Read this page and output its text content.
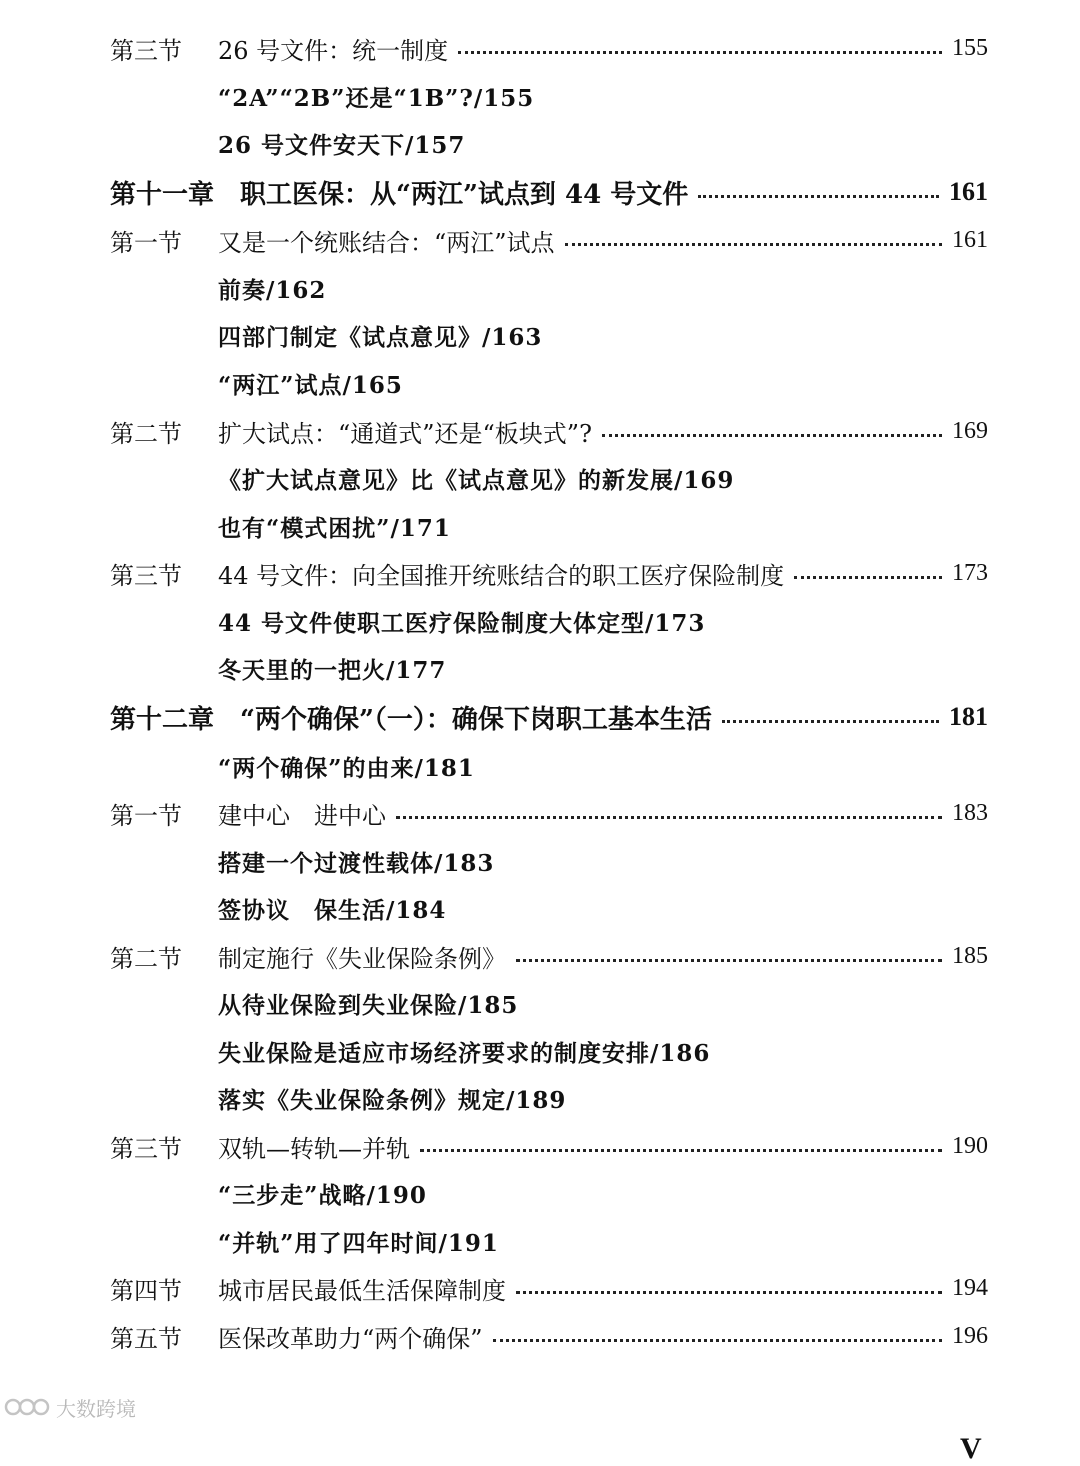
第三节	26 号文件：统一制度	155
“2A”“2B”还是“1B”?/155
26 号文件安天下/157
第十一章 职工医保：从“两江”试点到 44 号文件	161
第一节	又是一个统账结合：“两江”试点	161
前奏/162
四部门制定《试点意见》/163
“两江”试点/165
第二节	扩大试点：“通道式”还是“板块式”?	169
《扩大试点意见》比《试点意见》的新发展/169
也有“模式困扰”/171
第三节	44 号文件：向全国推开统账结合的职工医疗保险制度	173
44 号文件使职工医疗保险制度大体定型/173
冬天里的一把火/177
第十二章 “两个确保”（一）：确保下岗职工基本生活	181
“两个确保”的由来/181
第一节	建中心　进中心	183
搭建一个过渡性载体/183
签协议　保生活/184
第二节	制定施行《失业保险条例》	185
从待业保险到失业保险/185
失业保险是适应市场经济要求的制度安排/186
落实《失业保险条例》规定/189
第三节	双轨—转轨—并轨	190
“三步走”战略/190
“并轨”用了四年时间/191
第四节	城市居民最低生活保障制度	194
第五节	医保改革助力“两个确保”	196
V
大数跨境
